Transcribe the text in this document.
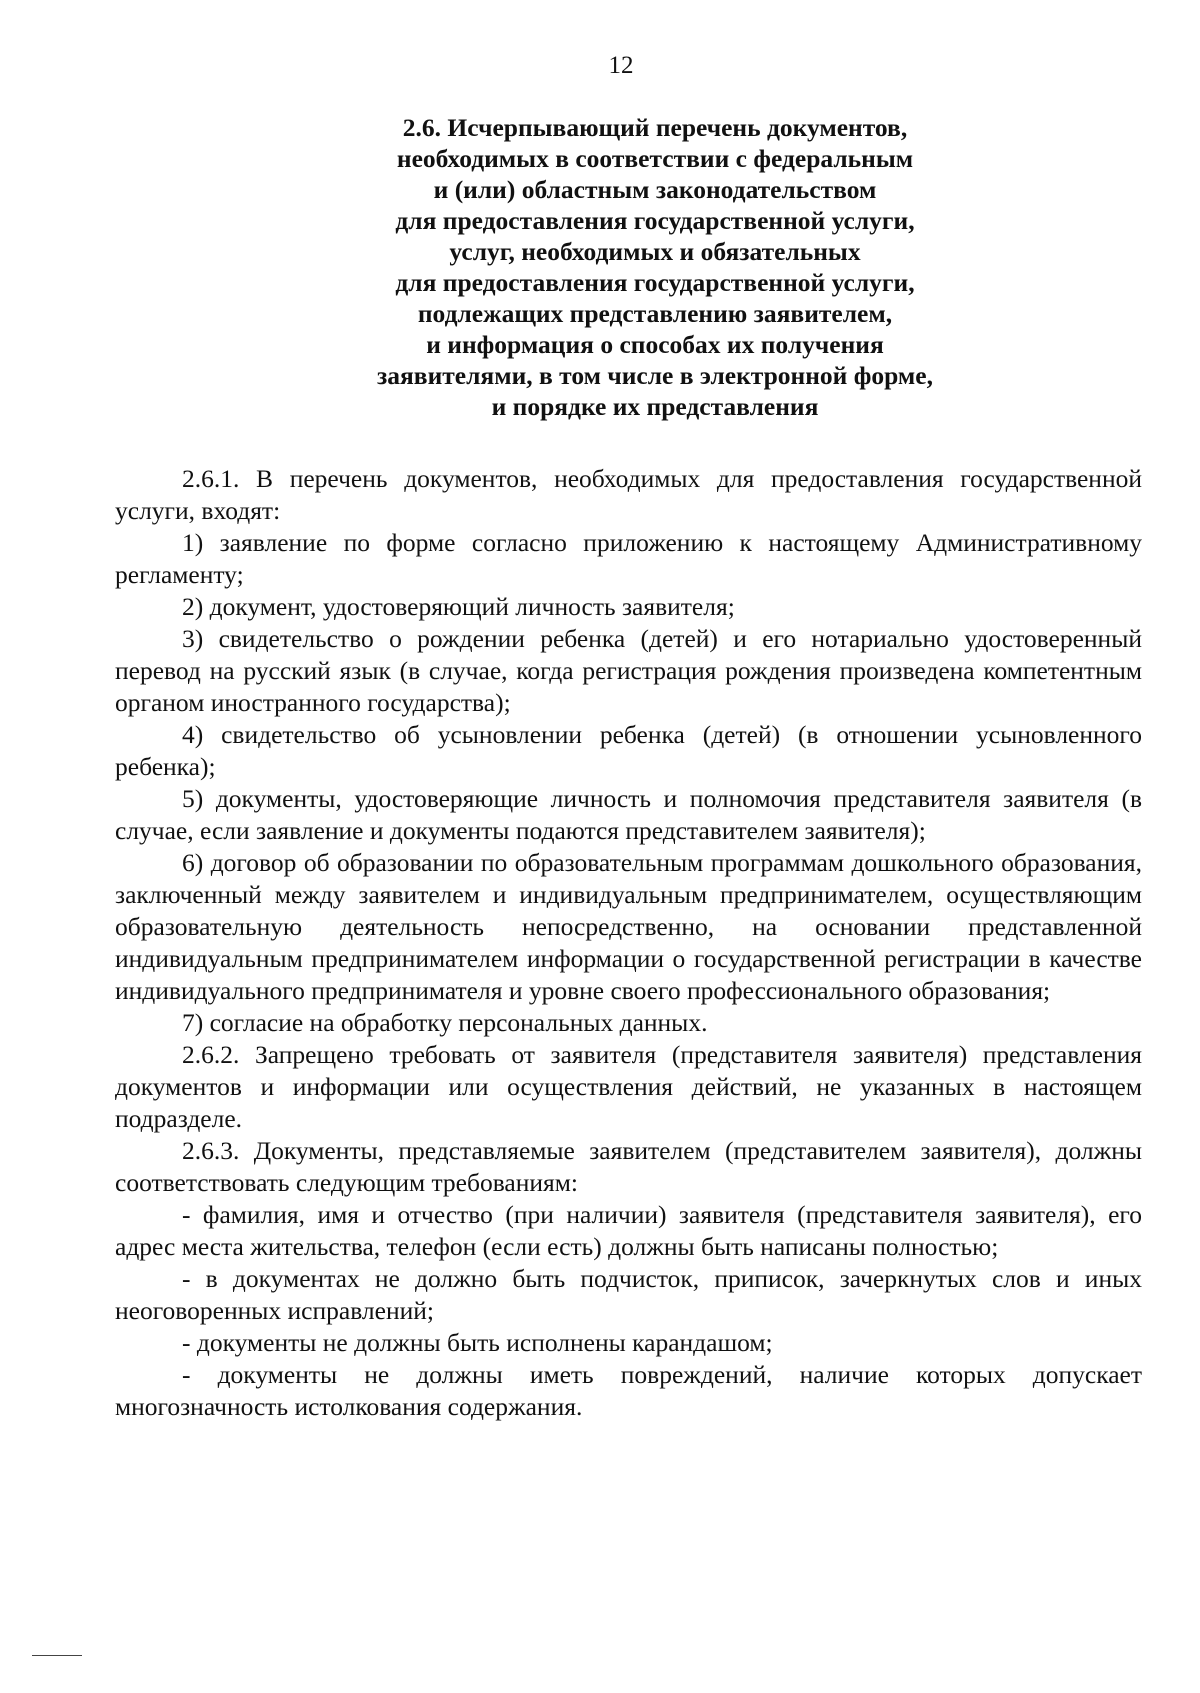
12
2.6. Исчерпывающий перечень документов,
необходимых в соответствии с федеральным
и (или) областным законодательством
для предоставления государственной услуги,
услуг, необходимых и обязательных
для предоставления государственной услуги,
подлежащих представлению заявителем,
и информация о способах их получения
заявителями, в том числе в электронной форме,
и порядке их представления

2.6.1. В перечень документов, необходимых для предоставления государственной услуги, входят:

1) заявление по форме согласно приложению к настоящему Административному регламенту;

2) документ, удостоверяющий личность заявителя;

3) свидетельство о рождении ребенка (детей) и его нотариально удостоверенный перевод на русский язык (в случае, когда регистрация рождения произведена компетентным органом иностранного государства);

4) свидетельство об усыновлении ребенка (детей) (в отношении усыновленного ребенка);

5) документы, удостоверяющие личность и полномочия представителя заявителя (в случае, если заявление и документы подаются представителем заявителя);

6) договор об образовании по образовательным программам дошкольного образования, заключенный между заявителем и индивидуальным предпринимателем, осуществляющим образовательную деятельность непосредственно, на основании представленной индивидуальным предпринимателем информации о государственной регистрации в качестве индивидуального предпринимателя и уровне своего профессионального образования;

7) согласие на обработку персональных данных.

2.6.2. Запрещено требовать от заявителя (представителя заявителя) представления документов и информации или осуществления действий, не указанных в настоящем подразделе.

2.6.3. Документы, представляемые заявителем (представителем заявителя), должны соответствовать следующим требованиям:

- фамилия, имя и отчество (при наличии) заявителя (представителя заявителя), его адрес места жительства, телефон (если есть) должны быть написаны полностью;

- в документах не должно быть подчисток, приписок, зачеркнутых слов и иных неоговоренных исправлений;

- документы не должны быть исполнены карандашом;

- документы не должны иметь повреждений, наличие которых допускает многозначность истолкования содержания.
